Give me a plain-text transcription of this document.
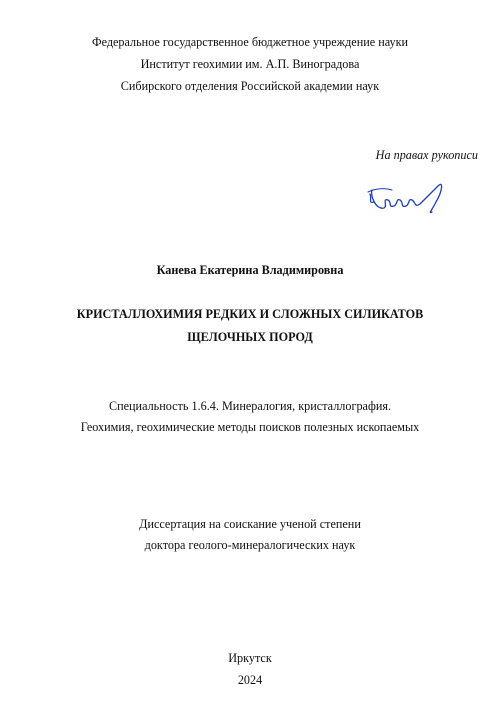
Федеральное государственное бюджетное учреждение науки
Институт геохимии им. А.П. Виноградова
Сибирского отделения Российской академии наук
На правах рукописи
Канева Екатерина Владимировна
КРИСТАЛЛОХИМИЯ РЕДКИХ И СЛОЖНЫХ СИЛИКАТОВ
ЩЕЛОЧНЫХ ПОРОД
Специальность 1.6.4. Минералогия, кристаллография.
Геохимия, геохимические методы поисков полезных ископаемых
Диссертация на соискание ученой степени
доктора геолого-минералогических наук
Иркутск
2024
